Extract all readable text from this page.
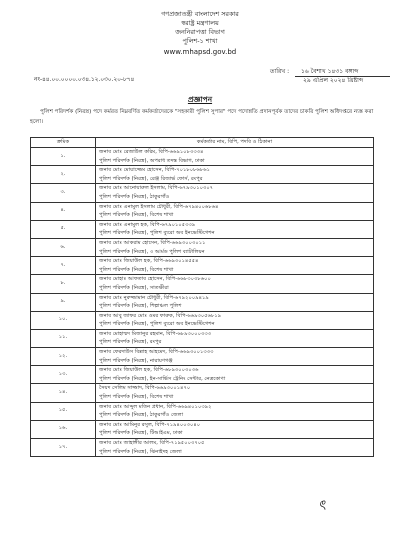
গণপ্রজাতন্ত্রী বাংলাদেশ সরকার
স্বরাষ্ট্র মন্ত্রণালয়
জননিরাপত্তা বিভাগ
পুলিশ-১ শাখা
www.mhapsd.gov.bd
নং-৪৪.০০.০০০০.০৩৪.১২.০৩০.২০-৮৭৪
তারিখ : ১৬ বৈশাখ ১৪৩১ বঙ্গাব্দ
২৯ এপ্রিল ২০২৪ খ্রিষ্টাব্দ
প্রজ্ঞাপন
পুলিশ পরিদর্শক (নিরস্ত্র) পদে কর্মরত নিম্নবর্ণিত কর্মকর্তাদেরকে "সহকারী পুলিশ সুপার" পদে পদোন্নতি প্রদানপূর্বক তাদের চাকরি পুলিশ অধিদপ্তরে ন্যস্ত করা হলো।
ক্রমিক	কর্মকর্তার নাম, বিপি, পদবি ও ঠিকানা
১.	জনাব মোঃ রেজাউল করিম, বিপি-৬৬৯১০৮৩৩৩৪
পুলিশ পরিদর্শক (নিরস্ত্র), অপরাধ তদন্ত বিভাগ, ঢাকা

২.	জনাব মোঃ মোয়াজ্জেম হোসেন, বিপি-৭০১৮০৮৬৮৬১
পুলিশ পরিদর্শক (নিরস্ত্র), রেঞ্জ রিজার্ভ ফোর্স, রংপুর

৩.	জনাব মোঃ আনোয়ারুল ইসলাম, বিপি-৬৭৯৩০১০৩০৭
পুলিশ পরিদর্শক (নিরস্ত্র), ঠাকুরগাঁও

৪.	জনাব মোঃ এনামুল ইসলাম চৌধুরী, বিপি-৬৭৯৪০০৬৮৬৪
পুলিশ পরিদর্শক (নিরস্ত্র), বিশেষ শাখা

৫.	জনাব মোঃ এনামুল হক, বিপি-৬৭৯০১০৫৩৩৯
পুলিশ পরিদর্শক (নিরস্ত্র), পুলিশ ব্যুরো অব ইনভেস্টিগেশন

৬.	জনাব মোঃ আকরাম হোসেন, বিপি-৬৬৯৩০০৩০১১
পুলিশ পরিদর্শক (নিরস্ত্র), ৩ আর্মড পুলিশ ব্যাটালিয়ন

৭.	জনাব মোঃ জিয়াউল হক, বিপি-৬৬৯৩০১৪৫৫৪
পুলিশ পরিদর্শক (নিরস্ত্র), বিশেষ শাখা

৮.	জনাব মোহাঃ আফতাব হোসেন, বিপি-৬৬৮৩০৩৮৬০০
পুলিশ পরিদর্শক (নিরস্ত্র), সাতক্ষীরা

৯.	জনাব মোঃ নুরুজ্জামান চৌধুরী, বিপি-৬৭৯২০০৯৪১৯
পুলিশ পরিদর্শক (নিরস্ত্র), শিল্পাঞ্চল পুলিশ

১০.	জনাব আবু জাফর মোঃ ওমর ফারুক, বিপি-৬৬৯৩০৫৬৮১৯
পুলিশ পরিদর্শক (নিরস্ত্র), পুলিশ ব্যুরো অব ইনভেস্টিগেশন

১১.	জনাব মোহাম্মদ মিজানুর রহমান, বিপি-৬৮৯৩০০০৩৩৩
পুলিশ পরিদর্শক (নিরস্ত্র), রংপুর

১২.	জনাব ফেরদাউস বিল্লাহ আহমেদ, বিপি-৬৬৯৩০০১৩৩৩
পুলিশ পরিদর্শক (নিরস্ত্র), নারায়ণগঞ্জ

১৩.	জনাব মোঃ জিয়াউল হক, বিপি-৬৮৯৩০০৩০৩৬
পুলিশ পরিদর্শক (নিরস্ত্র), ইন-সার্ভিস ট্রেনিং সেন্টার, নেত্রকোণা

১৪.	সৈয়দ সেলিম সাজ্জাদ, বিপি-৬৬৯৩০০১৪৭০
পুলিশ পরিদর্শক (নিরস্ত্র), বিশেষ শাখা

১৫.	জনাব মোঃ আব্দুল মতিন প্রধান, বিপি-৬৬৯৪০১০৩৯২
পুলিশ পরিদর্শক (নিরস্ত্র), ঠাকুরগাঁও জেলা

১৬.	জনাব মোঃ আমিনুর রসুল, বিপি-৭১৯৪০০৩০৪০
পুলিশ পরিদর্শক (নিরস্ত্র), টিআইএম, ঢাকা

১৭.	জনাব মোঃ জাহাঙ্গীর আলম, বিপি-৭১৯৫০০৩৭০৫
পুলিশ পরিদর্শক (নিরস্ত্র), ঝিনাইদহ জেলা
ৎ
